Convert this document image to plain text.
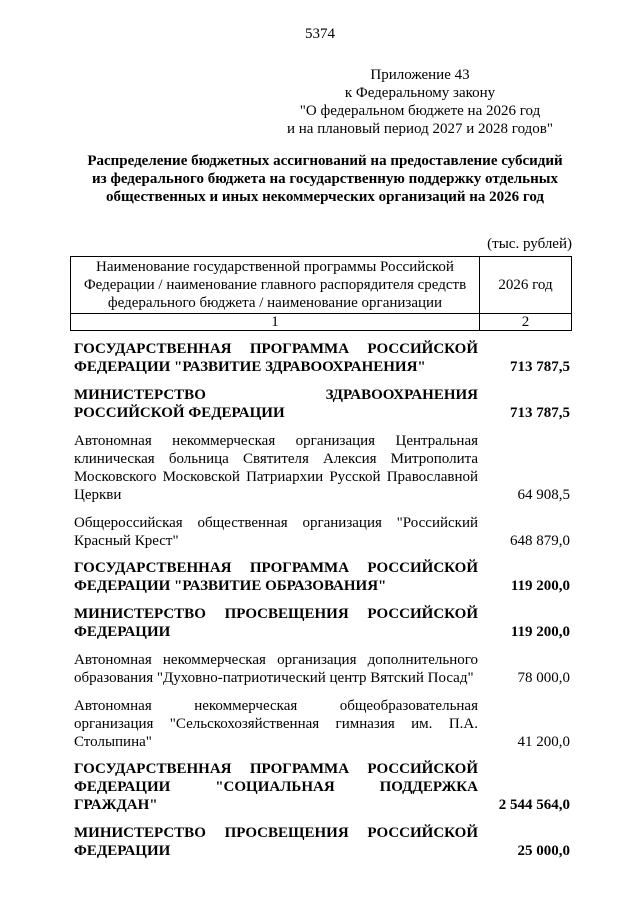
5374
Приложение 43
к Федеральному закону
"О федеральном бюджете на 2026 год
и на плановый период 2027 и 2028 годов"
Распределение бюджетных ассигнований на предоставление субсидий
из федерального бюджета на государственную поддержку отдельных
общественных и иных некоммерческих организаций на 2026 год
(тыс. рублей)
Наименование государственной программы Российской
Федерации / наименование главного распорядителя средств
федерального бюджета / наименование организации	2026 год
1	2
ГОСУДАРСТВЕННАЯ ПРОГРАММА РОССИЙСКОЙ
ФЕДЕРАЦИИ "РАЗВИТИЕ ЗДРАВООХРАНЕНИЯ"	713 787,5
МИНИСТЕРСТВО ЗДРАВООХРАНЕНИЯ
РОССИЙСКОЙ ФЕДЕРАЦИИ	713 787,5
Автономная некоммерческая организация Центральная клиническая больница Святителя Алексия Митрополита Московского Московской Патриархии Русской Православной Церкви	64 908,5
Общероссийская общественная организация "Российский Красный Крест"	648 879,0
ГОСУДАРСТВЕННАЯ ПРОГРАММА РОССИЙСКОЙ
ФЕДЕРАЦИИ "РАЗВИТИЕ ОБРАЗОВАНИЯ"	119 200,0
МИНИСТЕРСТВО ПРОСВЕЩЕНИЯ РОССИЙСКОЙ
ФЕДЕРАЦИИ	119 200,0
Автономная некоммерческая организация дополнительного образования "Духовно-патриотический центр Вятский Посад"	78 000,0
Автономная некоммерческая общеобразовательная организация "Сельскохозяйственная гимназия им. П.А. Столыпина"	41 200,0
ГОСУДАРСТВЕННАЯ ПРОГРАММА РОССИЙСКОЙ
ФЕДЕРАЦИИ "СОЦИАЛЬНАЯ ПОДДЕРЖКА
ГРАЖДАН"	2 544 564,0
МИНИСТЕРСТВО ПРОСВЕЩЕНИЯ РОССИЙСКОЙ
ФЕДЕРАЦИИ	25 000,0
